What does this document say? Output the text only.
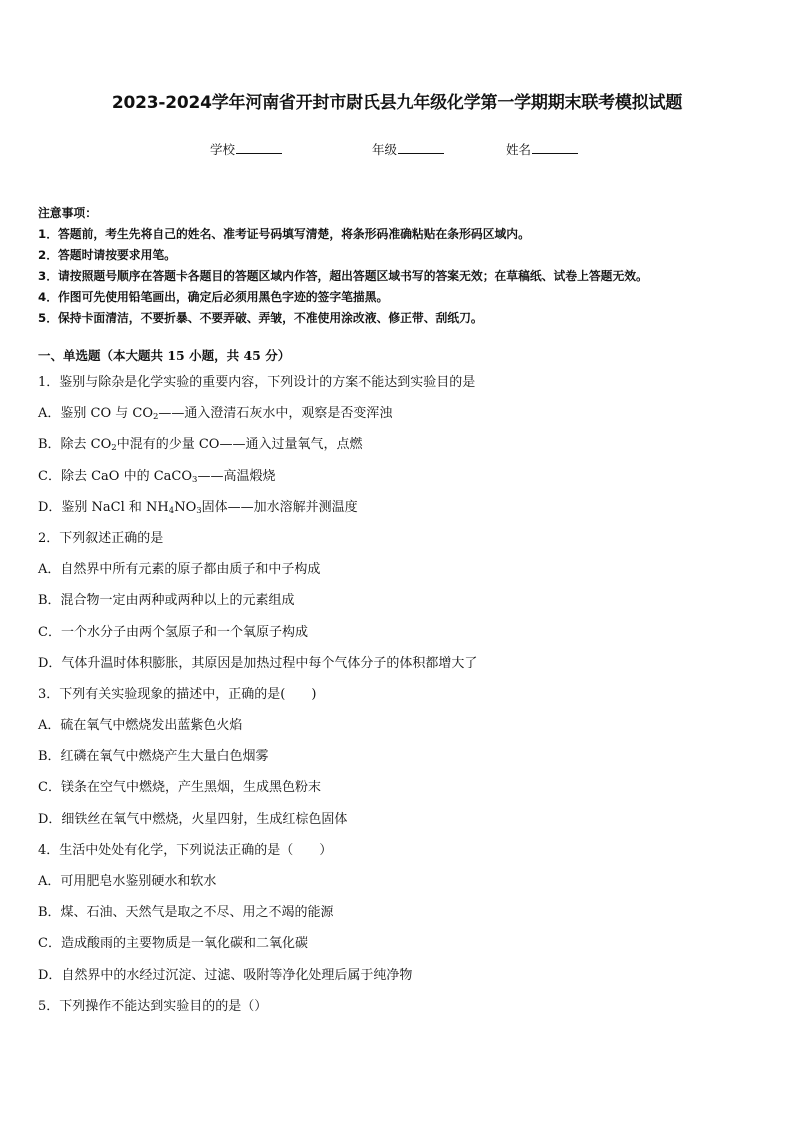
2023-2024学年河南省开封市尉氏县九年级化学第一学期期末联考模拟试题
学校	年级	姓名
注意事项：
1．答题前，考生先将自己的姓名、准考证号码填写清楚，将条形码准确粘贴在条形码区域内。
2．答题时请按要求用笔。
3．请按照题号顺序在答题卡各题目的答题区域内作答，超出答题区域书写的答案无效；在草稿纸、试卷上答题无效。
4．作图可先使用铅笔画出，确定后必须用黑色字迹的签字笔描黑。
5．保持卡面清洁，不要折暴、不要弄破、弄皱，不准使用涂改液、修正带、刮纸刀。
一、单选题（本大题共 15 小题，共 45 分）
1．鉴别与除杂是化学实验的重要内容，下列设计的方案不能达到实验目的是
A．鉴别 CO 与 $CO_2——$通入澄清石灰水中，观察是否变浑浊
B．除去 $CO_2$中混有的少量 CO——通入过量氧气，点燃
C．除去 CaO 中的 CaCO$_3$——高温煅烧
D．鉴别 NaCl 和 $NH_4NO_3$固体——加水溶解并测温度
2．下列叙述正确的是
A．自然界中所有元素的原子都由质子和中子构成
B．混合物一定由两种或两种以上的元素组成
C．一个水分子由两个氢原子和一个氧原子构成
D．气体升温时体积膨胀，其原因是加热过程中每个气体分子的体积都增大了
3．下列有关实验现象的描述中，正确的是(　　)
A．硫在氧气中燃烧发出蓝紫色火焰
B．红磷在氧气中燃烧产生大量白色烟雾
C．镁条在空气中燃烧，产生黑烟，生成黑色粉末
D．细铁丝在氧气中燃烧，火星四射，生成红棕色固体
4．生活中处处有化学，下列说法正确的是（　　）
A．可用肥皂水鉴别硬水和软水
B．煤、石油、天然气是取之不尽、用之不竭的能源
C．造成酸雨的主要物质是一氧化碳和二氧化碳
D．自然界中的水经过沉淀、过滤、吸附等净化处理后属于纯净物
5．下列操作不能达到实验目的的是（）
